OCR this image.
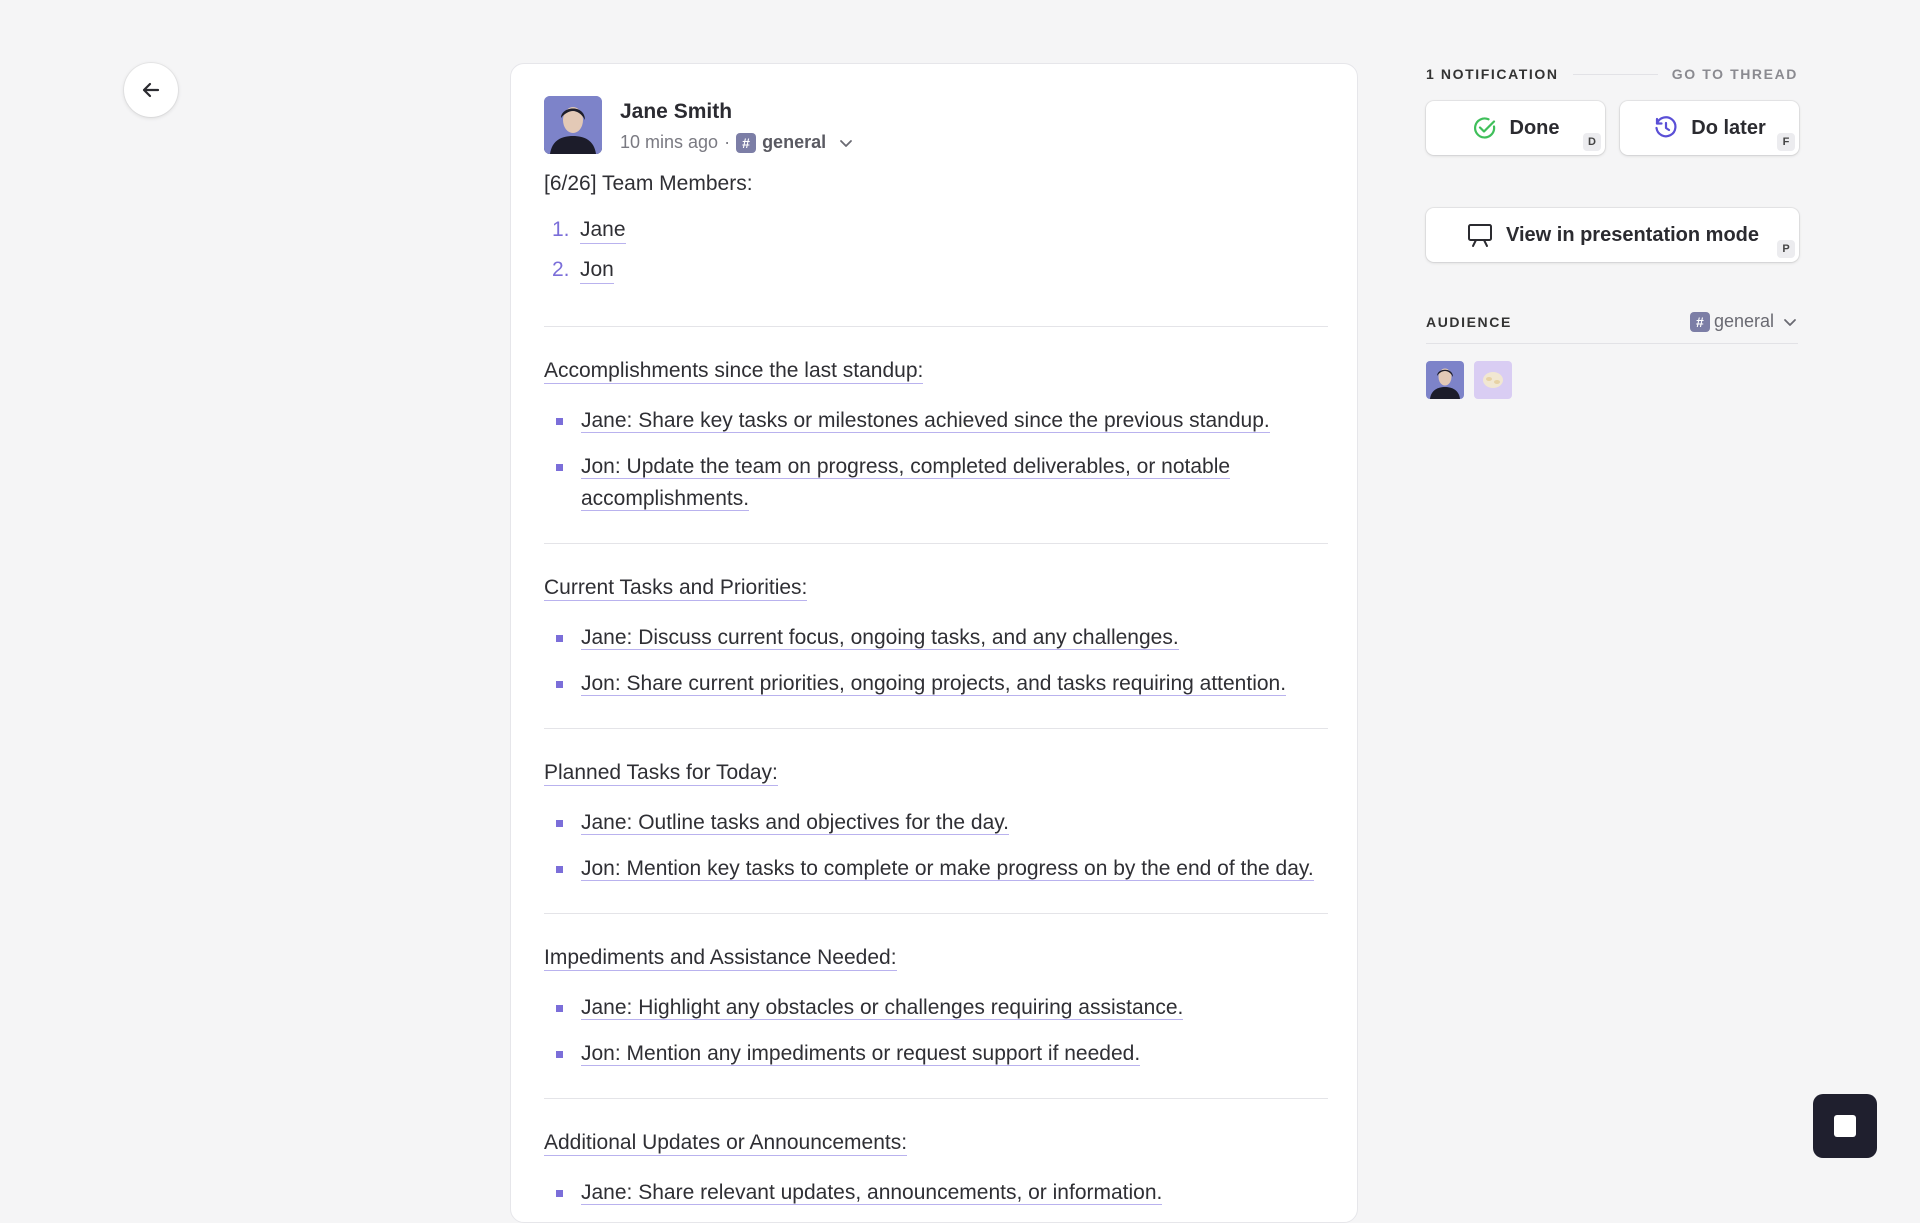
Jane Smith
10 mins ago · # general
[6/26] Team Members:
1. Jane
2. Jon
Accomplishments since the last standup:
Jane: Share key tasks or milestones achieved since the previous standup.
Jon: Update the team on progress, completed deliverables, or notable accomplishments.
Current Tasks and Priorities:
Jane: Discuss current focus, ongoing tasks, and any challenges.
Jon: Share current priorities, ongoing projects, and tasks requiring attention.
Planned Tasks for Today:
Jane: Outline tasks and objectives for the day.
Jon: Mention key tasks to complete or make progress on by the end of the day.
Impediments and Assistance Needed:
Jane: Highlight any obstacles or challenges requiring assistance.
Jon: Mention any impediments or request support if needed.
Additional Updates or Announcements:
Jane: Share relevant updates, announcements, or information.
1 NOTIFICATION	GO TO THREAD
Done
D
Do later
F
View in presentation mode
P
AUDIENCE	# general
